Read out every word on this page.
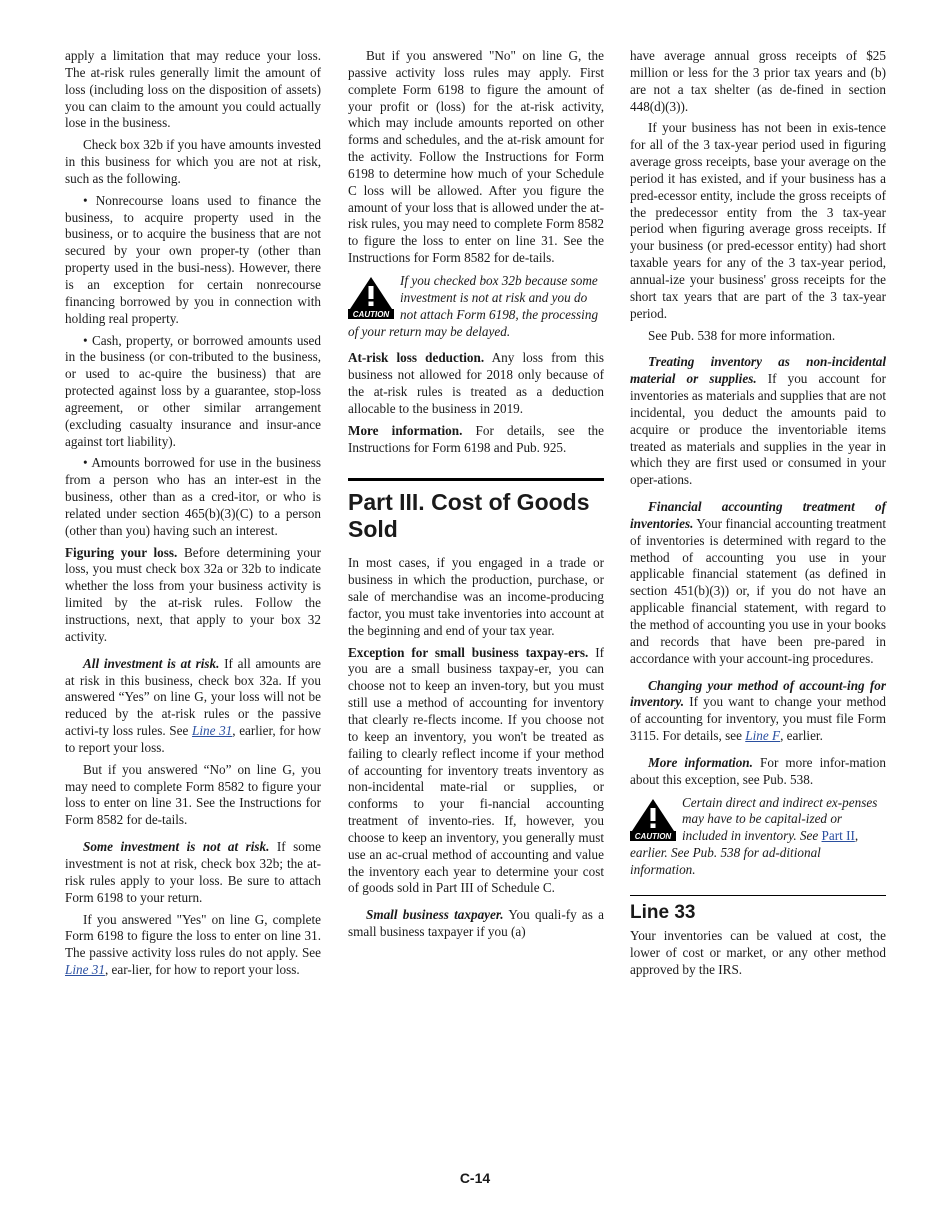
apply a limitation that may reduce your loss. The at-risk rules generally limit the amount of loss (including loss on the disposition of assets) you can claim to the amount you could actually lose in the business.

Check box 32b if you have amounts invested in this business for which you are not at risk, such as the following.

• Nonrecourse loans used to finance the business, to acquire property used in the business, or to acquire the business that are not secured by your own proper-ty (other than property used in the busi-ness). However, there is an exception for certain nonrecourse financing borrowed by you in connection with holding real property.

• Cash, property, or borrowed amounts used in the business (or con-tributed to the business, or used to ac-quire the business) that are protected against loss by a guarantee, stop-loss agreement, or other similar arrangement (excluding casualty insurance and insur-ance against tort liability).

• Amounts borrowed for use in the business from a person who has an inter-est in the business, other than as a cred-itor, or who is related under section 465(b)(3)(C) to a person (other than you) having such an interest.

Figuring your loss. Before determining your loss, you must check box 32a or 32b to indicate whether the loss from your business activity is limited by the at-risk rules. Follow the instructions, next, that apply to your box 32 activity.

All investment is at risk. If all amounts are at risk in this business, check box 32a. If you answered “Yes” on line G, your loss will not be reduced by the at-risk rules or the passive activi-ty loss rules. See Line 31, earlier, for how to report your loss.

But if you answered “No” on line G, you may need to complete Form 8582 to figure your loss to enter on line 31. See the Instructions for Form 8582 for de-tails.

Some investment is not at risk. If some investment is not at risk, check box 32b; the at-risk rules apply to your loss. Be sure to attach Form 6198 to your return.

If you answered "Yes" on line G, complete Form 6198 to figure the loss to enter on line 31. The passive activity loss rules do not apply. See Line 31, ear-lier, for how to report your loss.

But if you answered "No" on line G, the passive activity loss rules may apply. First complete Form 6198 to figure the amount of your profit or (loss) for the at-risk activity, which may include amounts reported on other forms and schedules, and the at-risk amount for the activity. Follow the Instructions for Form 6198 to determine how much of your Schedule C loss will be allowed. After you figure the amount of your loss that is allowed under the at-risk rules, you may need to complete Form 8582 to figure the loss to enter on line 31. See the Instructions for Form 8582 for de-tails.

CAUTION

If you checked box 32b because some investment is not at risk and you do not attach Form 6198, the processing of your return may be delayed.

At-risk loss deduction. Any loss from this business not allowed for 2018 only because of the at-risk rules is treated as a deduction allocable to the business in 2019.

More information. For details, see the Instructions for Form 6198 and Pub. 925.

Part III. Cost of Goods Sold

In most cases, if you engaged in a trade or business in which the production, purchase, or sale of merchandise was an income-producing factor, you must take inventories into account at the beginning and end of your tax year.

Exception for small business taxpay-ers. If you are a small business taxpay-er, you can choose not to keep an inven-tory, but you must still use a method of accounting for inventory that clearly re-flects income. If you choose not to keep an inventory, you won't be treated as failing to clearly reflect income if your method of accounting for inventory treats inventory as non-incidental mate-rial or supplies, or conforms to your fi-nancial accounting treatment of invento-ries. If, however, you choose to keep an inventory, you generally must use an ac-crual method of accounting and value the inventory each year to determine your cost of goods sold in Part III of Schedule C.

Small business taxpayer. You quali-fy as a small business taxpayer if you (a)

have average annual gross receipts of $25 million or less for the 3 prior tax years and (b) are not a tax shelter (as de-fined in section 448(d)(3)).

If your business has not been in exis-tence for all of the 3 tax-year period used in figuring average gross receipts, base your average on the period it has existed, and if your business has a pred-ecessor entity, include the gross receipts of the predecessor entity from the 3 tax-year period when figuring average gross receipts. If your business (or pred-ecessor entity) had short taxable years for any of the 3 tax-year period, annual-ize your business' gross receipts for the short tax years that are part of the 3 tax-year period.

See Pub. 538 for more information.

Treating inventory as non-incidental material or supplies. If you account for inventories as materials and supplies that are not incidental, you deduct the amounts paid to acquire or produce the inventoriable items treated as materials and supplies in the year in which they are first used or consumed in your oper-ations.

Financial accounting treatment of inventories. Your financial accounting treatment of inventories is determined with regard to the method of accounting you use in your applicable financial statement (as defined in section 451(b)(3)) or, if you do not have an applicable financial statement, with regard to the method of accounting you use in your books and records that have been pre-pared in accordance with your account-ing procedures.

Changing your method of account-ing for inventory. If you want to change your method of accounting for inventory, you must file Form 3115. For details, see Line F, earlier.

More information. For more infor-mation about this exception, see Pub. 538.

CAUTION

Certain direct and indirect ex-penses may have to be capital-ized or included in inventory. See Part II, earlier. See Pub. 538 for ad-ditional information.

Line 33

Your inventories can be valued at cost, the lower of cost or market, or any other method approved by the IRS.

C-14
